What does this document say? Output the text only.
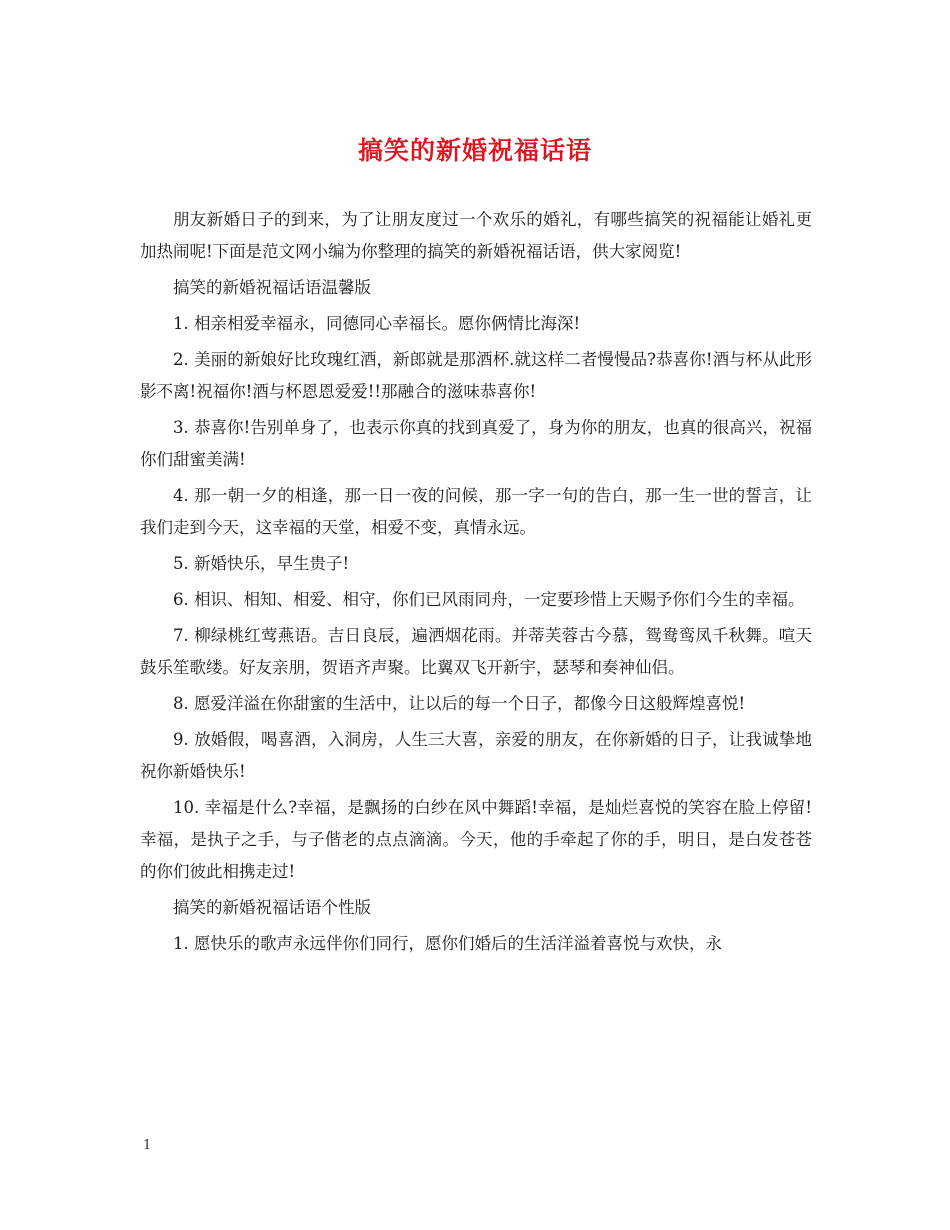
搞笑的新婚祝福话语

朋友新婚日子的到来，为了让朋友度过一个欢乐的婚礼，有哪些搞笑的祝福能让婚礼更加热闹呢!下面是范文网小编为你整理的搞笑的新婚祝福话语，供大家阅览!

搞笑的新婚祝福话语温馨版

1. 相亲相爱幸福永，同德同心幸福长。愿你俩情比海深!

2. 美丽的新娘好比玫瑰红酒，新郎就是那酒杯.就这样二者慢慢品?恭喜你!酒与杯从此形影不离!祝福你!酒与杯恩恩爱爱!!那融合的滋味恭喜你!

3. 恭喜你!告别单身了，也表示你真的找到真爱了，身为你的朋友，也真的很高兴，祝福你们甜蜜美满!

4. 那一朝一夕的相逢，那一日一夜的问候，那一字一句的告白，那一生一世的誓言，让我们走到今天，这幸福的天堂，相爱不变，真情永远。

5. 新婚快乐，早生贵子!

6. 相识、相知、相爱、相守，你们已风雨同舟，一定要珍惜上天赐予你们今生的幸福。

7. 柳绿桃红莺燕语。吉日良辰，遍洒烟花雨。并蒂芙蓉古今慕，鸳鸯鸾凤千秋舞。喧天鼓乐笙歌缕。好友亲朋，贺语齐声聚。比翼双飞开新宇，瑟琴和奏神仙侣。

8. 愿爱洋溢在你甜蜜的生活中，让以后的每一个日子，都像今日这般辉煌喜悦!

9. 放婚假，喝喜酒，入洞房，人生三大喜，亲爱的朋友，在你新婚的日子，让我诚挚地祝你新婚快乐!

10. 幸福是什么?幸福，是飘扬的白纱在风中舞蹈!幸福，是灿烂喜悦的笑容在脸上停留!幸福，是执子之手，与子偕老的点点滴滴。今天，他的手牵起了你的手，明日，是白发苍苍的你们彼此相携走过!

搞笑的新婚祝福话语个性版

1. 愿快乐的歌声永远伴你们同行，愿你们婚后的生活洋溢着喜悦与欢快，永

1
